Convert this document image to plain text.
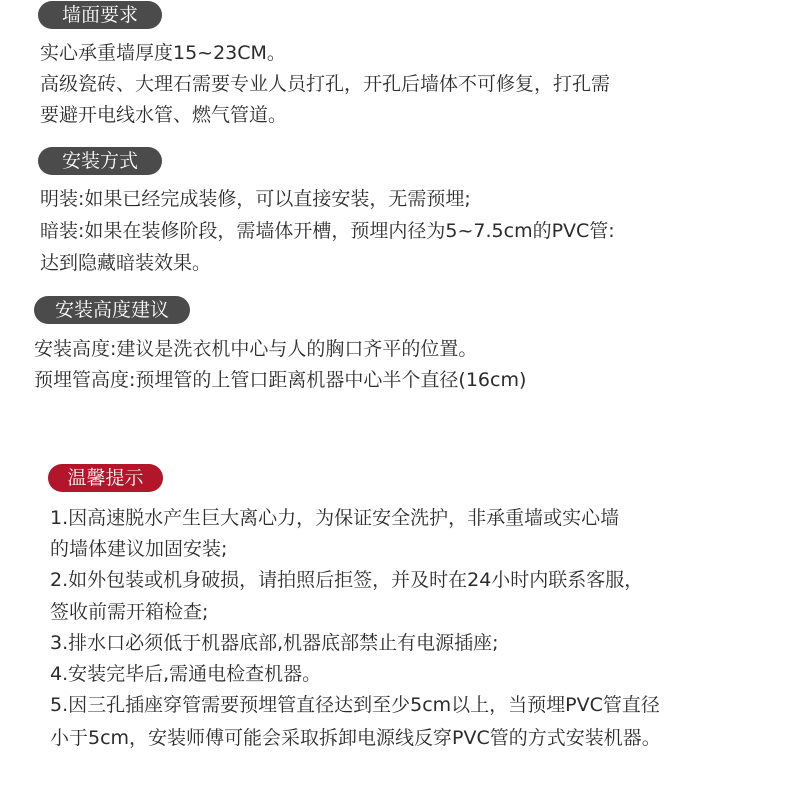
墙面要求
实心承重墙厚度15~23CM。
高级瓷砖、大理石需要专业人员打孔，开孔后墙体不可修复，打孔需
要避开电线水管、燃气管道。
安装方式
明装:如果已经完成装修，可以直接安装，无需预埋;
暗装:如果在装修阶段，需墙体开槽，预埋内径为5~7.5cm的PVC管:
达到隐藏暗装效果。
安装高度建议
安装高度:建议是洗衣机中心与人的胸口齐平的位置。
预埋管高度:预埋管的上管口距离机器中心半个直径(16cm)
温馨提示
1.因高速脱水产生巨大离心力，为保证安全洗护，非承重墙或实心墙
的墙体建议加固安装;
2.如外包装或机身破损，请拍照后拒签，并及时在24小时内联系客服，
签收前需开箱检查;
3.排水口必须低于机器底部,机器底部禁止有电源插座;
4.安装完毕后,需通电检查机器。
5.因三孔插座穿管需要预埋管直径达到至少5cm以上，当预埋PVC管直径
小于5cm，安装师傅可能会采取拆卸电源线反穿PVC管的方式安装机器。
